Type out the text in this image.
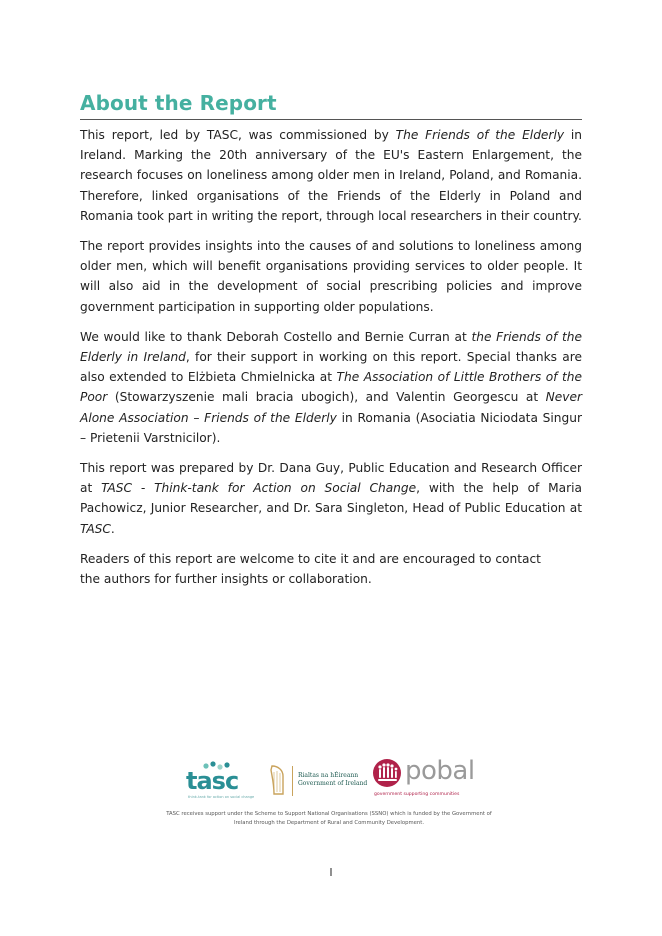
About the Report

This report, led by TASC, was commissioned by The Friends of the Elderly in Ireland. Marking the 20th anniversary of the EU's Eastern Enlargement, the research focuses on loneliness among older men in Ireland, Poland, and Romania. Therefore, linked organisations of the Friends of the Elderly in Poland and Romania took part in writing the report, through local researchers in their country.

The report provides insights into the causes of and solutions to loneliness among older men, which will benefit organisations providing services to older people. It will also aid in the development of social prescribing policies and improve government participation in supporting older populations.

We would like to thank Deborah Costello and Bernie Curran at the Friends of the Elderly in Ireland, for their support in working on this report. Special thanks are also extended to Elżbieta Chmielnicka at The Association of Little Brothers of the Poor (Stowarzyszenie mali bracia ubogich), and Valentin Georgescu at Never Alone Association – Friends of the Elderly in Romania (Asociatia Niciodata Singur – Prietenii Varstnicilor).

This report was prepared by Dr. Dana Guy, Public Education and Research Officer at TASC - Think-tank for Action on Social Change, with the help of Maria Pachowicz, Junior Researcher, and Dr. Sara Singleton, Head of Public Education at TASC.

Readers of this report are welcome to cite it and are encouraged to contact the authors for further insights or collaboration.

tasc
think-tank for action on social change
Rialtas na hÉireann
Government of Ireland pobal
government supporting communities
TASC receives support under the Scheme to Support National Organisations (SSNO) which is funded by the Government of
Ireland through the Department of Rural and Community Development.
I
